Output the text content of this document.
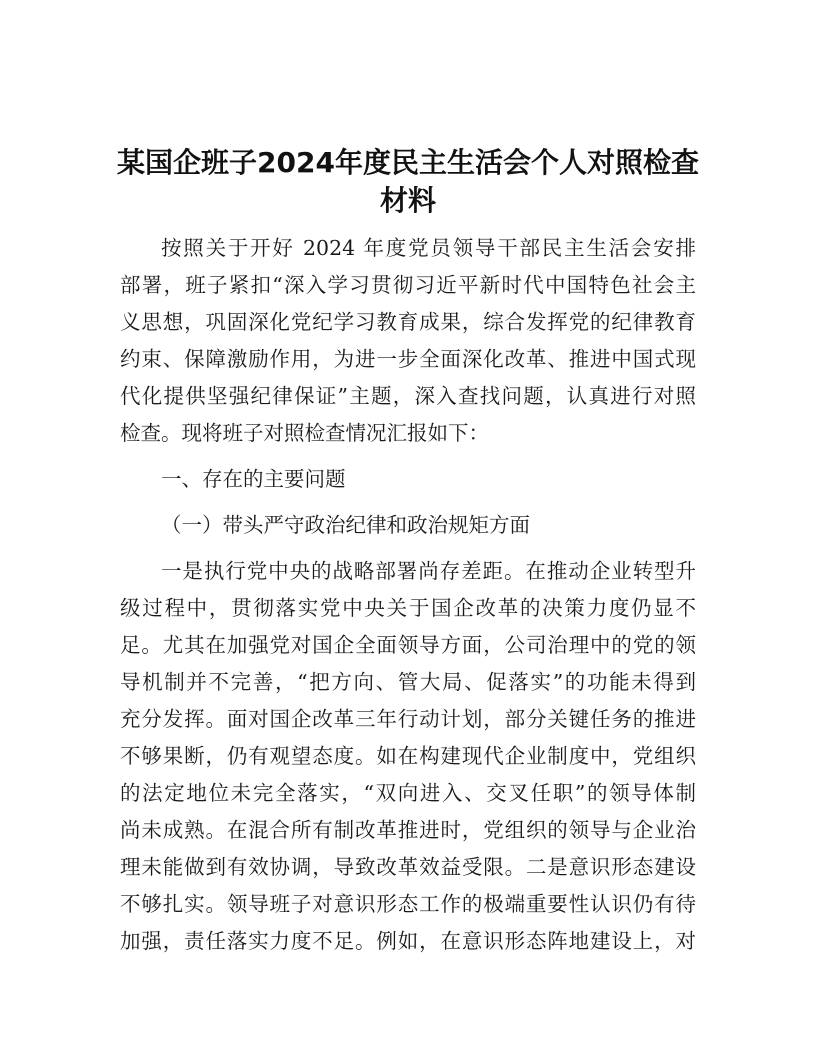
某国企班子2024年度民主生活会个人对照检查
材料
按照关于开好 2024 年度党员领导干部民主生活会安排
部署，班子紧扣“深入学习贯彻习近平新时代中国特色社会主
义思想，巩固深化党纪学习教育成果，综合发挥党的纪律教育
约束、保障激励作用，为进一步全面深化改革、推进中国式现
代化提供坚强纪律保证”主题，深入查找问题，认真进行对照
检查。现将班子对照检查情况汇报如下：
一、存在的主要问题
（一）带头严守政治纪律和政治规矩方面
一是执行党中央的战略部署尚存差距。在推动企业转型升
级过程中，贯彻落实党中央关于国企改革的决策力度仍显不
足。尤其在加强党对国企全面领导方面，公司治理中的党的领
导机制并不完善，“把方向、管大局、促落实”的功能未得到
充分发挥。面对国企改革三年行动计划，部分关键任务的推进
不够果断，仍有观望态度。如在构建现代企业制度中，党组织
的法定地位未完全落实，“双向进入、交叉任职”的领导体制
尚未成熟。在混合所有制改革推进时，党组织的领导与企业治
理未能做到有效协调，导致改革效益受限。二是意识形态建设
不够扎实。领导班子对意识形态工作的极端重要性认识仍有待
加强，责任落实力度不足。例如，在意识形态阵地建设上，对
